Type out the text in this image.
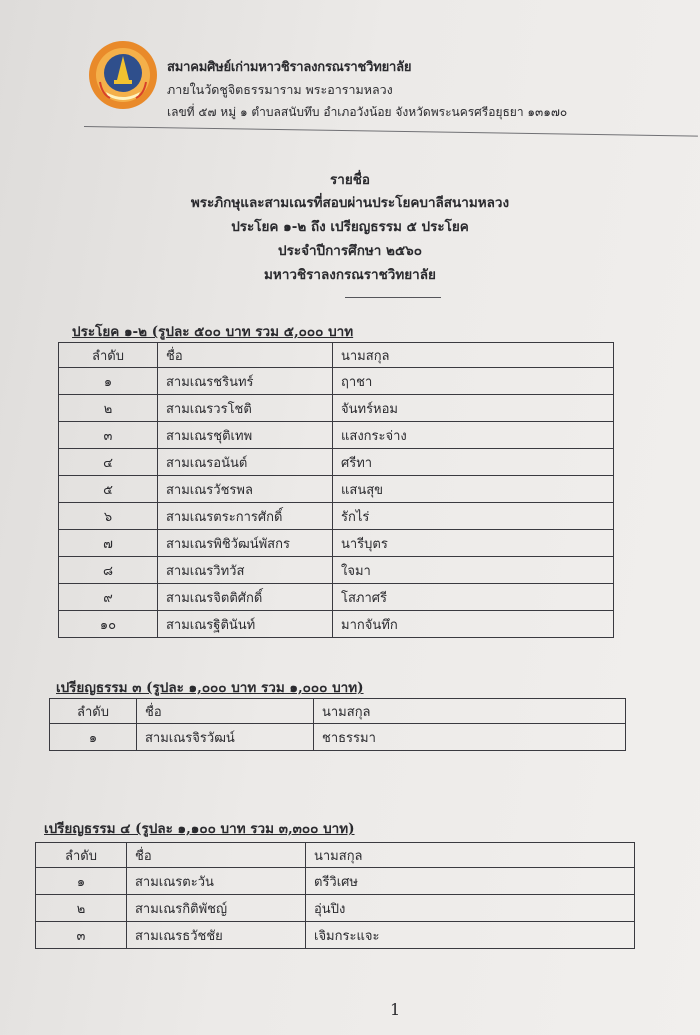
สมาคมศิษย์เก่ามหาวชิราลงกรณราชวิทยาลัย
ภายในวัดชูจิตธรรมาราม พระอารามหลวง
เลขที่ ๕๗ หมู่ ๑ ตำบลสนับทึบ อำเภอวังน้อย จังหวัดพระนครศรีอยุธยา ๑๓๑๗๐
รายชื่อ
พระภิกษุและสามเณรที่สอบผ่านประโยคบาลีสนามหลวง
ประโยค ๑-๒ ถึง เปรียญธรรม ๕ ประโยค
ประจำปีการศึกษา ๒๕๖๐
มหาวชิราลงกรณราชวิทยาลัย
ประโยค ๑-๒ (รูปละ ๕๐๐ บาท รวม ๕,๐๐๐ บาท
ลำดับ	ชื่อ	นามสกุล
๑	สามเณรชรินทร์	ฤาชา
๒	สามเณรวรโชติ	จันทร์หอม
๓	สามเณรชุติเทพ	แสงกระจ่าง
๔	สามเณรอนันต์	ศรีทา
๕	สามเณรวัชรพล	แสนสุข
๖	สามเณรตระการศักดิ์	รักไร่
๗	สามเณรพิชิวัฒน์พัสกร	นารีบุตร
๘	สามเณรวิทวัส	ใจมา
๙	สามเณรจิตติศักดิ์	โสภาศรี
๑๐	สามเณรฐิตินันท์	มากจันทึก
เปรียญธรรม ๓ (รูปละ ๑,๐๐๐ บาท รวม ๑,๐๐๐ บาท)
ลำดับ	ชื่อ	นามสกุล
๑	สามเณรจิรวัฒน์	ชาธรรมา
เปรียญธรรม ๔ (รูปละ ๑,๑๐๐ บาท รวม ๓,๓๐๐ บาท)
ลำดับ	ชื่อ	นามสกุล
๑	สามเณรตะวัน	ตรีวิเศษ
๒	สามเณรกิติพัชญ์	อุ่นปิง
๓	สามเณรธวัชชัย	เจิมกระแจะ
1
